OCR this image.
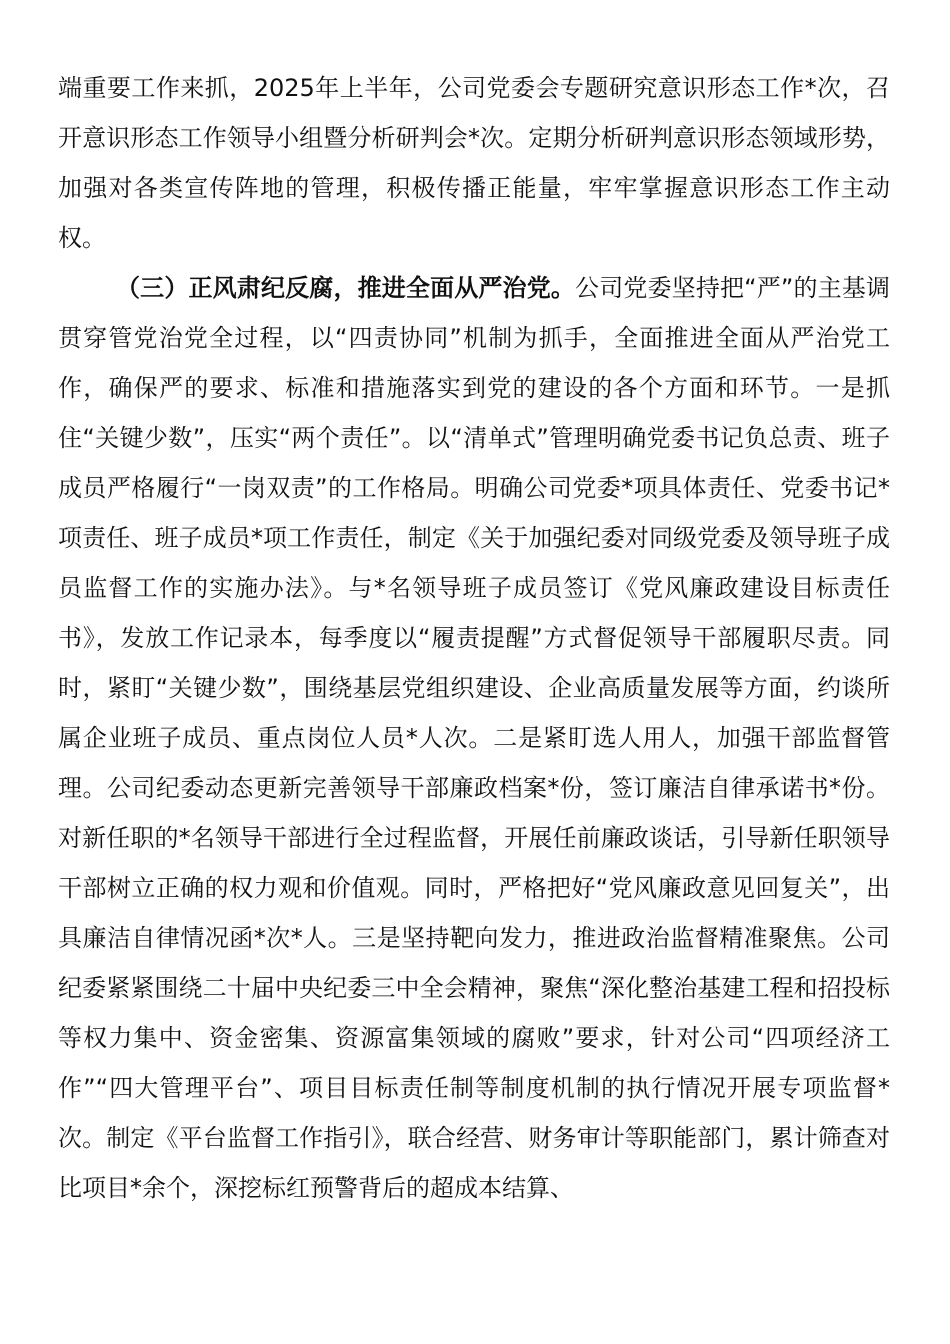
端重要工作来抓，2025年上半年，公司党委会专题研究意识形态工作*次，召开意识形态工作领导小组暨分析研判会*次。定期分析研判意识形态领域形势，加强对各类宣传阵地的管理，积极传播正能量，牢牢掌握意识形态工作主动权。

（三）正风肃纪反腐，推进全面从严治党。公司党委坚持把“严”的主基调贯穿管党治党全过程，以“四责协同”机制为抓手，全面推进全面从严治党工作，确保严的要求、标准和措施落实到党的建设的各个方面和环节。一是抓住“关键少数”，压实“两个责任”。以“清单式”管理明确党委书记负总责、班子成员严格履行“一岗双责”的工作格局。明确公司党委*项具体责任、党委书记*项责任、班子成员*项工作责任，制定《关于加强纪委对同级党委及领导班子成员监督工作的实施办法》。与*名领导班子成员签订《党风廉政建设目标责任书》，发放工作记录本，每季度以“履责提醒”方式督促领导干部履职尽责。同时，紧盯“关键少数”，围绕基层党组织建设、企业高质量发展等方面，约谈所属企业班子成员、重点岗位人员*人次。二是紧盯选人用人，加强干部监督管理。公司纪委动态更新完善领导干部廉政档案*份，签订廉洁自律承诺书*份。对新任职的*名领导干部进行全过程监督，开展任前廉政谈话，引导新任职领导干部树立正确的权力观和价值观。同时，严格把好“党风廉政意见回复关”，出具廉洁自律情况函*次*人。三是坚持靶向发力，推进政治监督精准聚焦。公司纪委紧紧围绕二十届中央纪委三中全会精神，聚焦“深化整治基建工程和招投标等权力集中、资金密集、资源富集领域的腐败”要求，针对公司“四项经济工作”“四大管理平台”、项目目标责任制等制度机制的执行情况开展专项监督*次。制定《平台监督工作指引》，联合经营、财务审计等职能部门，累计筛查对比项目*余个，深挖标红预警背后的超成本结算、
